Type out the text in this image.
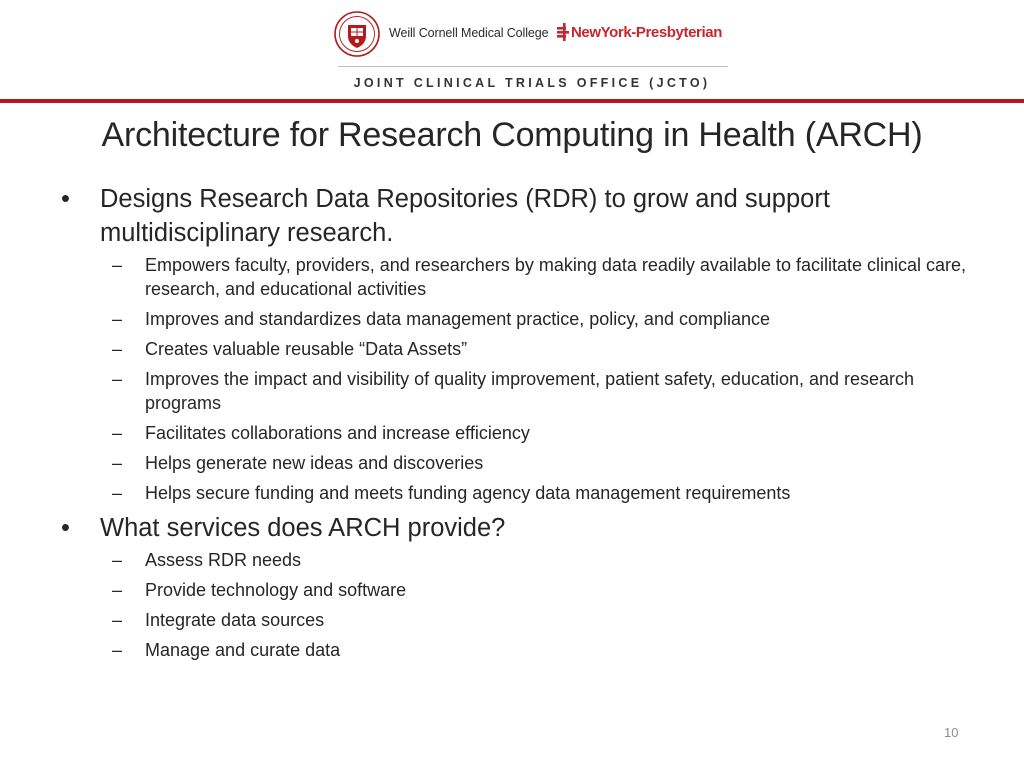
Weill Cornell Medical College NewYork-Presbyterian
JOINT CLINICAL TRIALS OFFICE (JCTO)
Architecture for Research Computing in Health (ARCH)
• Designs Research Data Repositories (RDR) to grow and support multidisciplinary research.
– Empowers faculty, providers, and researchers by making data readily available to facilitate clinical care, research, and educational activities
– Improves and standardizes data management practice, policy, and compliance
– Creates valuable reusable “Data Assets”
– Improves the impact and visibility of quality improvement, patient safety, education, and research programs
– Facilitates collaborations and increase efficiency
– Helps generate new ideas and discoveries
– Helps secure funding and meets funding agency data management requirements
• What services does ARCH provide?
– Assess RDR needs
– Provide technology and software
– Integrate data sources
– Manage and curate data
10
